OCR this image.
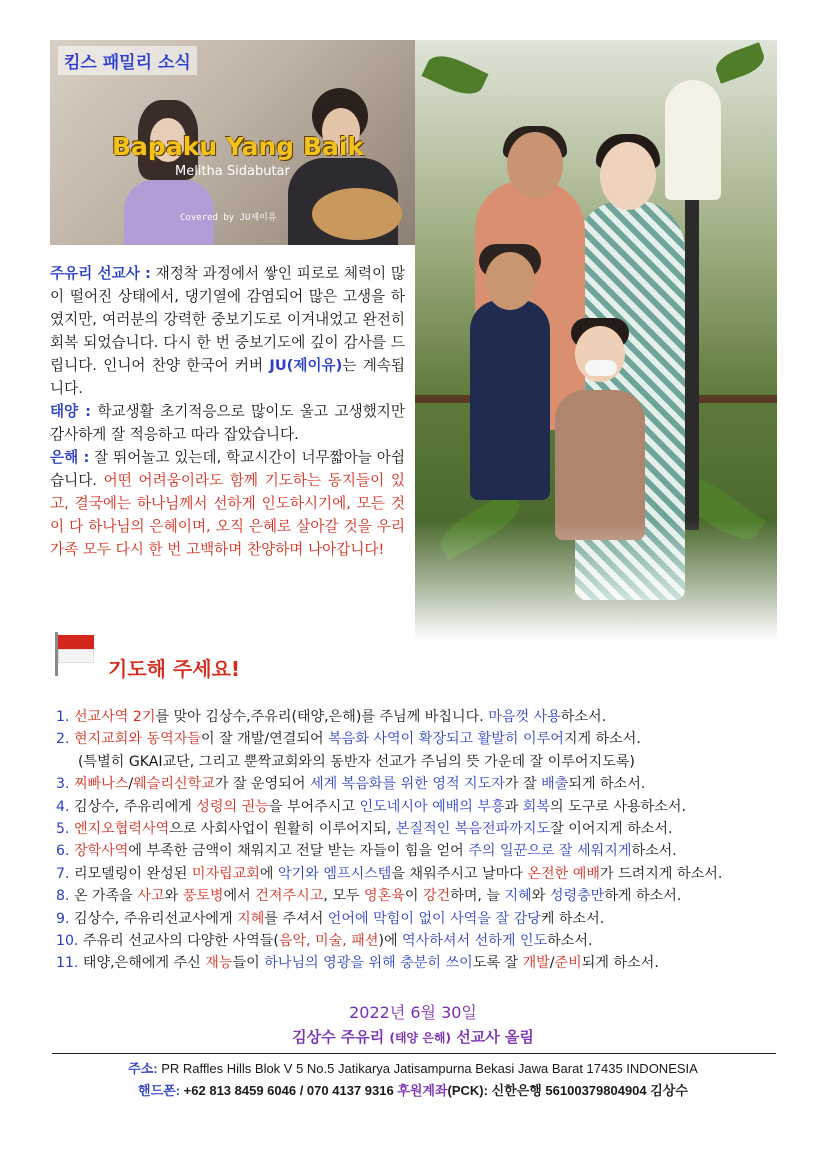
킴스 패밀리 소식
Bapaku Yang Baik
Melitha Sidabutar
Covered by JU제이유
주유리 선교사 : 재정착 과정에서 쌓인 피로로 체력이 많이 떨어진 상태에서, 댕기열에 감염되어 많은 고생을 하였지만, 여러분의 강력한 중보기도로 이겨내었고 완전히 회복 되었습니다. 다시 한 번 중보기도에 깊이 감사를 드립니다. 인니어 찬양 한국어 커버 JU(제이유)는 계속됩니다.
태양 : 학교생활 초기적응으로 많이도 울고 고생했지만 감사하게 잘 적응하고 따라 잡았습니다.
은해 : 잘 뛰어놀고 있는데, 학교시간이 너무짧아늘 아쉽습니다. 어떤 어려움이라도 함께 기도하는 동지들이 있고, 결국에는 하나님께서 선하게 인도하시기에, 모든 것이 다 하나님의 은혜이며, 오직 은혜로 살아갈 것을 우리 가족 모두 다시 한 번 고백하며 찬양하며 나아갑니다!
기도해 주세요!
1. 선교사역 2기를 맞아 김상수,주유리(태양,은해)를 주님께 바칩니다. 마음껏 사용하소서.
2. 현지교회와 동역자들이 잘 개발/연결되어 복음화 사역이 확장되고 활발히 이루어지게 하소서.
(특별히 GKAI교단, 그리고 뿐짝교회와의 동반자 선교가 주님의 뜻 가운데 잘 이루어지도록)
3. 찌빠나스/웨슬리신학교가 잘 운영되어 세계 복음화를 위한 영적 지도자가 잘 배출되게 하소서.
4. 김상수, 주유리에게 성령의 권능을 부어주시고 인도네시아 예배의 부흥과 회복의 도구로 사용하소서.
5. 엔지오협력사역으로 사회사업이 원활히 이루어지되, 본질적인 복음전파까지도잘 이어지게 하소서.
6. 장학사역에 부족한 금액이 채워지고 전달 받는 자들이 힘을 얻어 주의 일꾼으로 잘 세워지게하소서.
7. 리모델링이 완성된 미자립교회에 악기와 엠프시스템을 채워주시고 날마다 온전한 예배가 드려지게 하소서.
8. 온 가족을 사고와 풍토병에서 건져주시고, 모두 영혼육이 강건하며, 늘 지혜와 성령충만하게 하소서.
9. 김상수, 주유리선교사에게 지혜를 주셔서 언어에 막힘이 없이 사역을 잘 감당케 하소서.
10. 주유리 선교사의 다양한 사역들(음악, 미술, 패션)에 역사하셔서 선하게 인도하소서.
11. 태양,은해에게 주신 재능들이 하나님의 영광을 위해 충분히 쓰이도록 잘 개발/준비되게 하소서.
2022년 6월 30일
김상수 주유리 (태양 은해) 선교사 올림
주소: PR Raffles Hills Blok V 5 No.5 Jatikarya Jatisampurna Bekasi Jawa Barat 17435 INDONESIA
핸드폰: +62 813 8459 6046 / 070 4137 9316 후원계좌(PCK): 신한은행 56100379804904 김상수
